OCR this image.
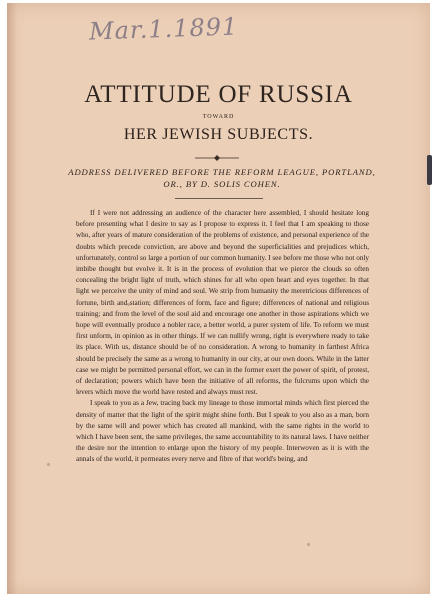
Mar.1.1891
ATTITUDE OF RUSSIA
TOWARD
HER JEWISH SUBJECTS.
ADDRESS DELIVERED BEFORE THE REFORM LEAGUE, PORTLAND, OR., BY D. SOLIS COHEN.

If I were not addressing an audience of the character here assembled, I should hesitate long before presenting what I desire to say as I propose to express it. I feel that I am speaking to those who, after years of mature consideration of the problems of existence, and personal experience of the doubts which precede conviction, are above and beyond the superficialities and prejudices which, unfortunately, control so large a portion of our common humanity. I see before me those who not only imbibe thought but evolve it. It is in the process of evolution that we pierce the clouds so often concealing the bright light of truth, which shines for all who open heart and eyes together. In that light we perceive the unity of mind and soul. We strip from humanity the meretricious differences of fortune, birth and station; differences of form, face and figure; differences of national and religious training; and from the level of the soul aid and encourage one another in those aspirations which we hope will eventually produce a nobler race, a better world, a purer system of life. To reform we must first unform, in opinion as in other things. If we can nullify wrong, right is everywhere ready to take its place. With us, distance should be of no consideration. A wrong to humanity in farthest Africa should be precisely the same as a wrong to humanity in our city, at our own doors. While in the latter case we might be permitted personal effort, we can in the former exert the power of spirit, of protest, of declaration; powers which have been the initiative of all reforms, the fulcrums upon which the levers which move the world have rested and always must rest.

I speak to you as a Jew, tracing back my lineage to those immortal minds which first pierced the density of matter that the light of the spirit might shine forth. But I speak to you also as a man, born by the same will and power which has created all mankind, with the same rights in the world to which I have been sent, the same privileges, the same accountability to its natural laws. I have neither the desire nor the intention to enlarge upon the history of my people. Interwoven as it is with the annals of the world, it permeates every nerve and fibre of that world's being, and
